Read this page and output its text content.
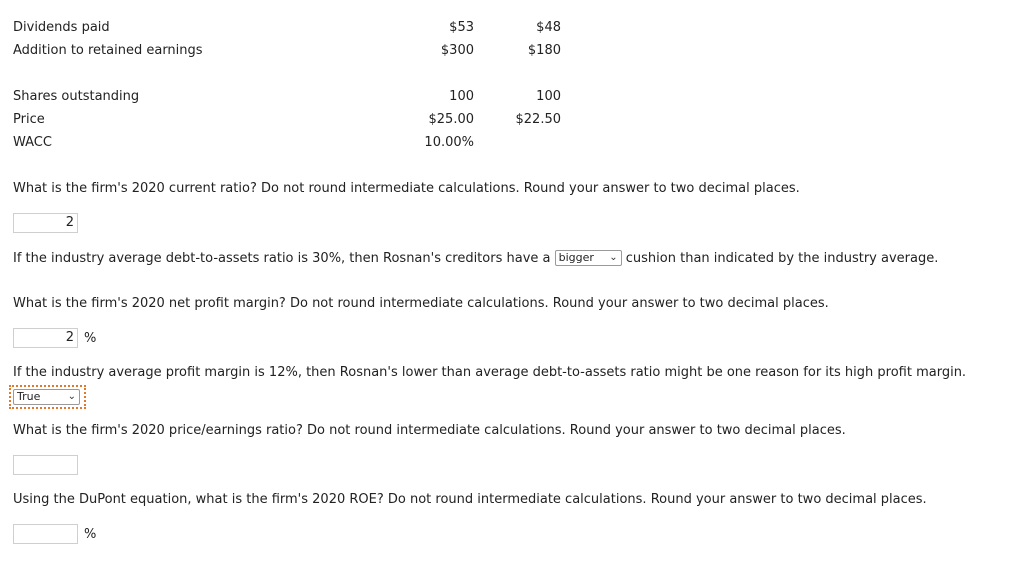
Dividends paid	$53	$48
Addition to retained earnings	$300	$180
Shares outstanding	100	100
Price	$25.00	$22.50
WACC	10.00%
What is the firm's 2020 current ratio? Do not round intermediate calculations. Round your answer to two decimal places.
2
If the industry average debt-to-assets ratio is 30%, then Rosnan's creditors have a bigger ⌄ cushion than indicated by the industry average.
What is the firm's 2020 net profit margin? Do not round intermediate calculations. Round your answer to two decimal places.
2 %
If the industry average profit margin is 12%, then Rosnan's lower than average debt-to-assets ratio might be one reason for its high profit margin.
True	⌄
What is the firm's 2020 price/earnings ratio? Do not round intermediate calculations. Round your answer to two decimal places.
Using the DuPont equation, what is the firm's 2020 ROE? Do not round intermediate calculations. Round your answer to two decimal places.
%
